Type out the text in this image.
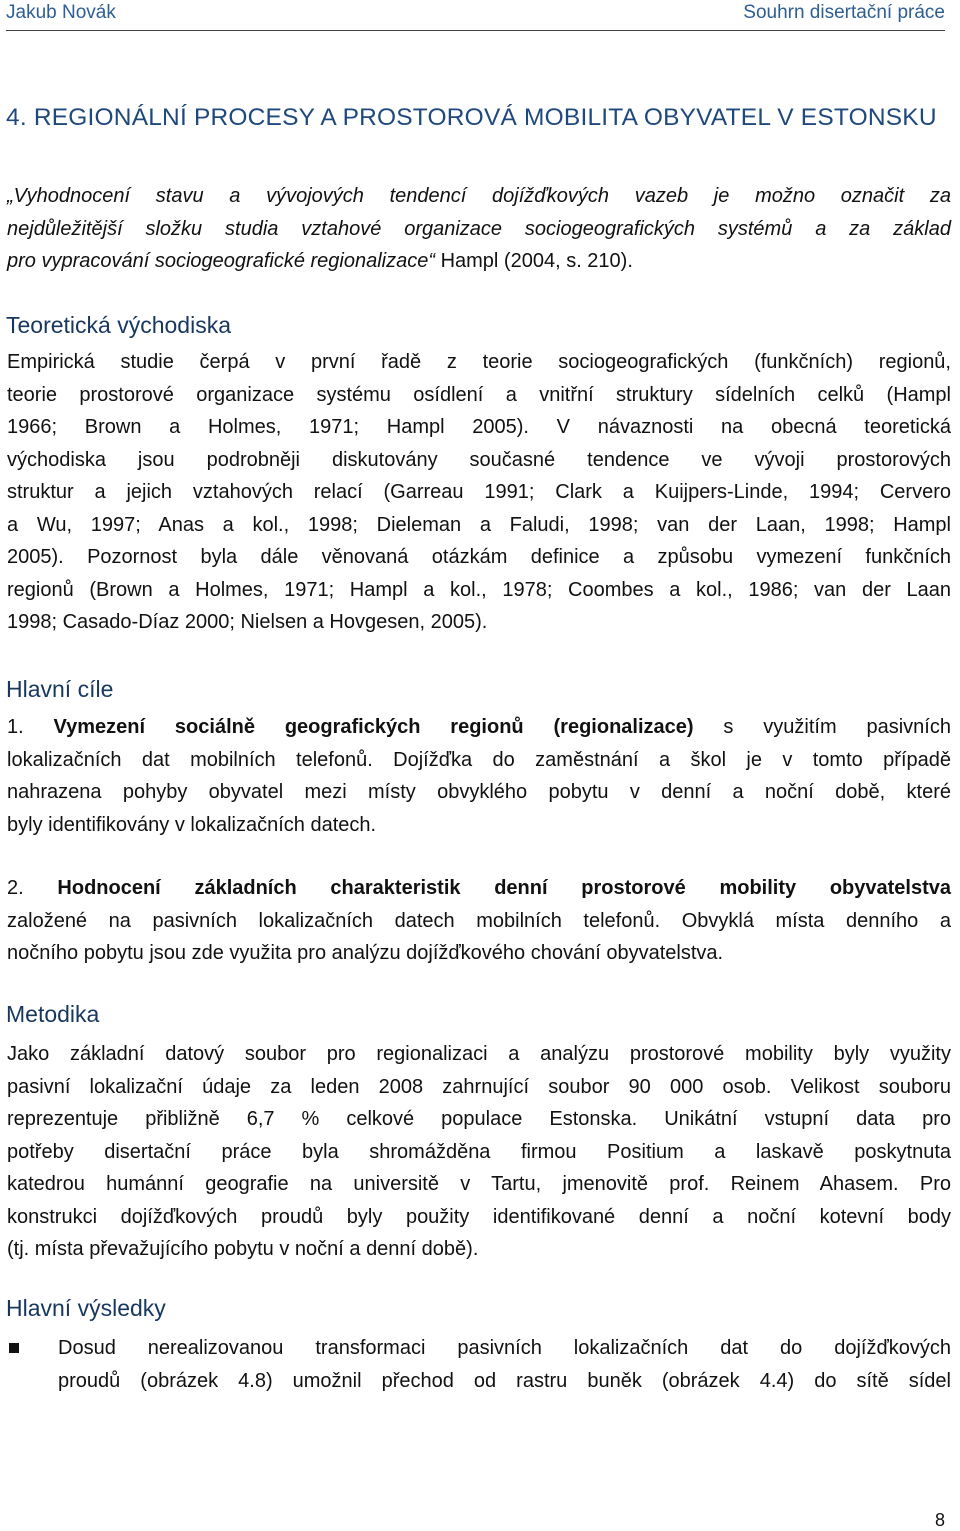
Jakub Novák	Souhrn disertační práce
4. REGIONÁLNÍ PROCESY A PROSTOROVÁ MOBILITA OBYVATEL V ESTONSKU

„Vyhodnocení stavu a vývojových tendencí dojížďkových vazeb je možno označit za
nejdůležitější složku studia vztahové organizace sociogeografických systémů a za základ
pro vypracování sociogeografické regionalizace“ Hampl (2004, s. 210).

Teoretická východiska

Empirická studie čerpá v první řadě z teorie sociogeografických (funkčních) regionů,
teorie prostorové organizace systému osídlení a vnitřní struktury sídelních celků (Hampl
1966; Brown a Holmes, 1971; Hampl 2005). V návaznosti na obecná teoretická
východiska jsou podrobněji diskutovány současné tendence ve vývoji prostorových
struktur a jejich vztahových relací (Garreau 1991; Clark a Kuijpers-Linde, 1994; Cervero
a Wu, 1997; Anas a kol., 1998; Dieleman a Faludi, 1998; van der Laan, 1998; Hampl
2005). Pozornost byla dále věnovaná otázkám definice a způsobu vymezení funkčních
regionů (Brown a Holmes, 1971; Hampl a kol., 1978; Coombes a kol., 1986; van der Laan
1998; Casado-Díaz 2000; Nielsen a Hovgesen, 2005).

Hlavní cíle

1. Vymezení sociálně geografických regionů (regionalizace) s využitím pasivních
lokalizačních dat mobilních telefonů. Dojížďka do zaměstnání a škol je v tomto případě
nahrazena pohyby obyvatel mezi místy obvyklého pobytu v denní a noční době, které
byly identifikovány v lokalizačních datech.

2. Hodnocení základních charakteristik denní prostorové mobility obyvatelstva
založené na pasivních lokalizačních datech mobilních telefonů. Obvyklá místa denního a
nočního pobytu jsou zde využita pro analýzu dojížďkového chování obyvatelstva.

Metodika

Jako základní datový soubor pro regionalizaci a analýzu prostorové mobility byly využity
pasivní lokalizační údaje za leden 2008 zahrnující soubor 90 000 osob. Velikost souboru
reprezentuje přibližně 6,7 % celkové populace Estonska. Unikátní vstupní data pro
potřeby disertační práce byla shromážděna firmou Positium a laskavě poskytnuta
katedrou humánní geografie na universitě v Tartu, jmenovitě prof. Reinem Ahasem. Pro
konstrukci dojížďkových proudů byly použity identifikované denní a noční kotevní body
(tj. místa převažujícího pobytu v noční a denní době).

Hlavní výsledky
Dosud nerealizovanou transformaci pasivních lokalizačních dat do dojížďkových
proudů (obrázek 4.8) umožnil přechod od rastru buněk (obrázek 4.4) do sítě sídel
8
